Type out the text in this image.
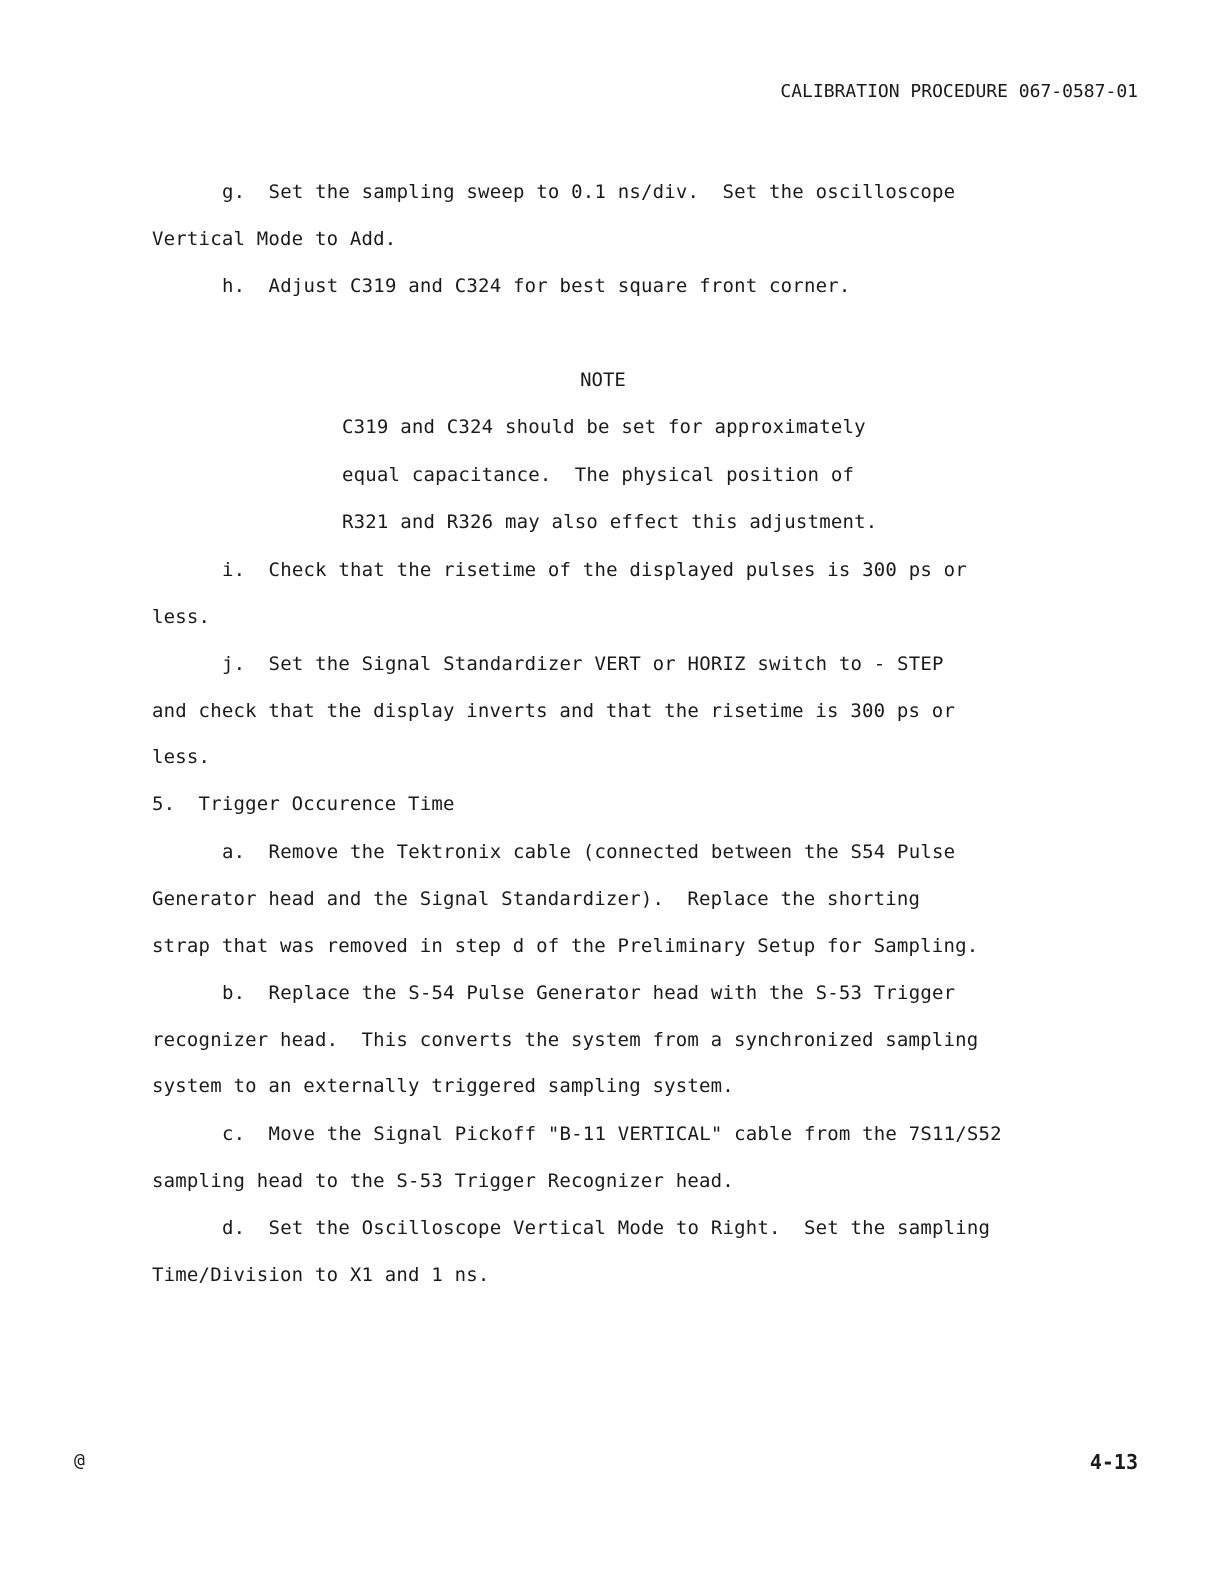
CALIBRATION PROCEDURE 067-0587-01
g.  Set the sampling sweep to 0.1 ns/div.  Set the oscilloscope
Vertical Mode to Add.
h.  Adjust C319 and C324 for best square front corner.
NOTE
C319 and C324 should be set for approximately
equal capacitance.  The physical position of
R321 and R326 may also effect this adjustment.
i.  Check that the risetime of the displayed pulses is 300 ps or
less.
j.  Set the Signal Standardizer VERT or HORIZ switch to - STEP
and check that the display inverts and that the risetime is 300 ps or
less.
5.  Trigger Occurence Time
a.  Remove the Tektronix cable (connected between the S54 Pulse
Generator head and the Signal Standardizer).  Replace the shorting
strap that was removed in step d of the Preliminary Setup for Sampling.
b.  Replace the S-54 Pulse Generator head with the S-53 Trigger
recognizer head.  This converts the system from a synchronized sampling
system to an externally triggered sampling system.
c.  Move the Signal Pickoff "B-11 VERTICAL" cable from the 7S11/S52
sampling head to the S-53 Trigger Recognizer head.
d.  Set the Oscilloscope Vertical Mode to Right.  Set the sampling
Time/Division to X1 and 1 ns.
@	4-13
